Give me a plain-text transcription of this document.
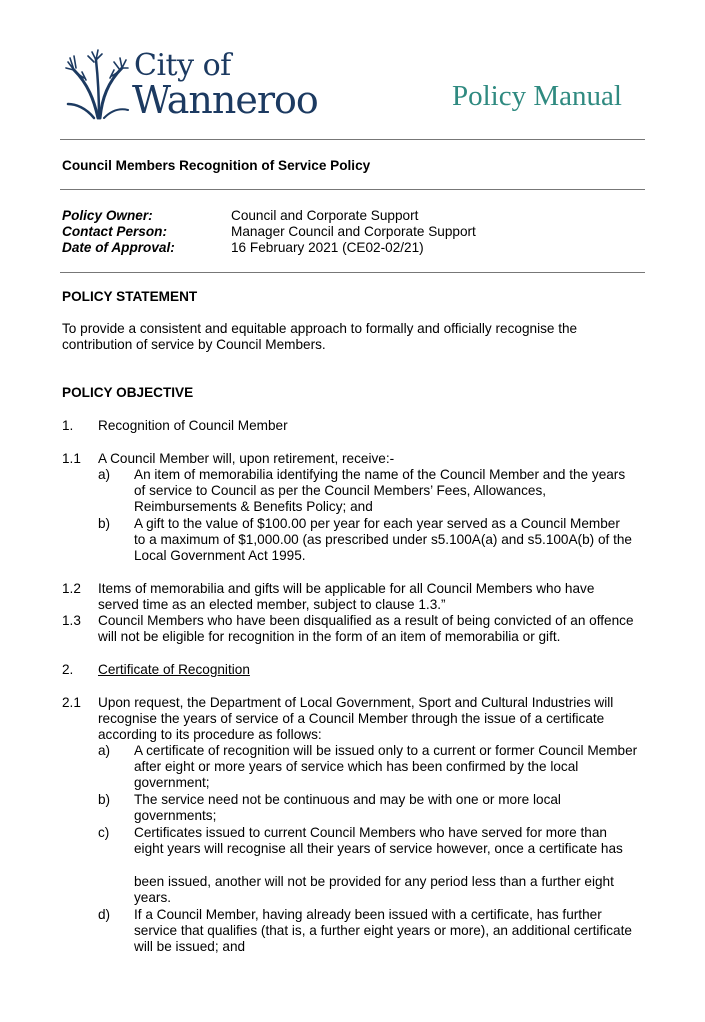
City of
Wanneroo	Policy Manual
Council Members Recognition of Service Policy
Policy Owner:	Council and Corporate Support
Contact Person:	Manager Council and Corporate Support
Date of Approval:	16 February 2021 (CE02-02/21)
POLICY STATEMENT
To provide a consistent and equitable approach to formally and officially recognise the
contribution of service by Council Members.
POLICY OBJECTIVE
1. Recognition of Council Member
1.1 A Council Member will, upon retirement, receive:-
a) An item of memorabilia identifying the name of the Council Member and the years
of service to Council as per the Council Members’ Fees, Allowances,
Reimbursements & Benefits Policy; and
b) A gift to the value of $100.00 per year for each year served as a Council Member
to a maximum of $1,000.00 (as prescribed under s5.100A(a) and s5.100A(b) of the
Local Government Act 1995.
1.2 Items of memorabilia and gifts will be applicable for all Council Members who have
served time as an elected member, subject to clause 1.3.”
1.3 Council Members who have been disqualified as a result of being convicted of an offence
will not be eligible for recognition in the form of an item of memorabilia or gift.
2. Certificate of Recognition
2.1 Upon request, the Department of Local Government, Sport and Cultural Industries will
recognise the years of service of a Council Member through the issue of a certificate
according to its procedure as follows:
a) A certificate of recognition will be issued only to a current or former Council Member
after eight or more years of service which has been confirmed by the local
government;
b) The service need not be continuous and may be with one or more local
governments;
c) Certificates issued to current Council Members who have served for more than
eight years will recognise all their years of service however, once a certificate has
been issued, another will not be provided for any period less than a further eight
years.
d) If a Council Member, having already been issued with a certificate, has further
service that qualifies (that is, a further eight years or more), an additional certificate
will be issued; and
